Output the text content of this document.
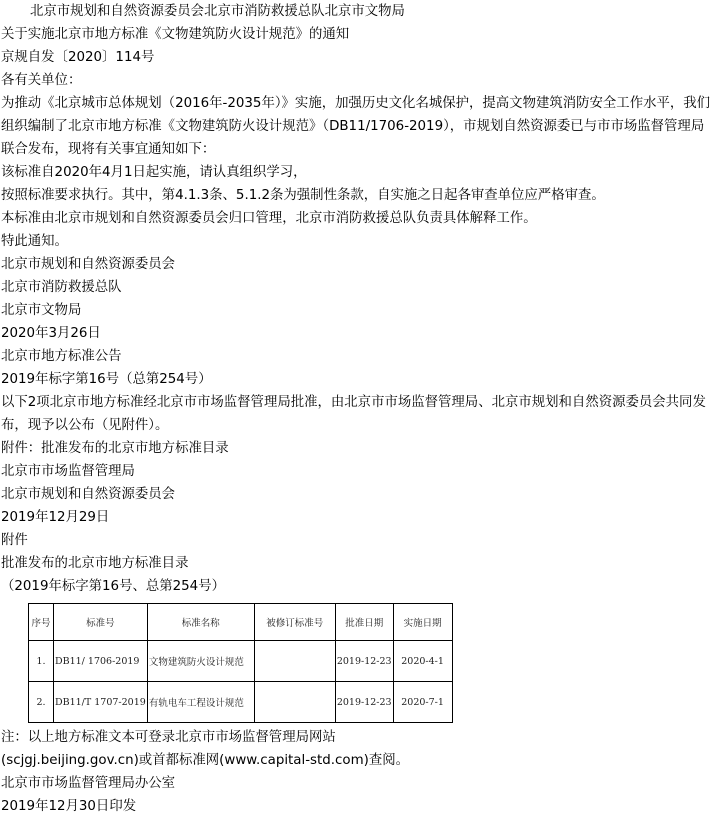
北京市规划和自然资源委员会北京市消防救援总队北京市文物局
关于实施北京市地方标准《文物建筑防火设计规范》的通知
京规自发〔2020〕114号
各有关单位：
为推动《北京城市总体规划（2016年-2035年）》实施，加强历史文化名城保护，提高文物建筑消防安全工作水平，我们组织编制了北京市地方标准《文物建筑防火设计规范》（DB11/1706-2019），市规划自然资源委已与市市场监督管理局联合发布，现将有关事宜通知如下：
该标准自2020年4月1日起实施，请认真组织学习，
按照标准要求执行。其中，第4.1.3条、5.1.2条为强制性条款，自实施之日起各审查单位应严格审查。
本标准由北京市规划和自然资源委员会归口管理，北京市消防救援总队负责具体解释工作。
特此通知。
北京市规划和自然资源委员会
北京市消防救援总队
北京市文物局
2020年3月26日
北京市地方标准公告
2019年标字第16号（总第254号）
以下2项北京市地方标准经北京市市场监督管理局批准，由北京市市场监督管理局、北京市规划和自然资源委员会共同发布，现予以公布（见附件）。
附件：批准发布的北京市地方标准目录
北京市市场监督管理局
北京市规划和自然资源委员会
2019年12月29日
附件
批准发布的北京市地方标准目录
（2019年标字第16号、总第254号）
序号	标准号	标准名称	被修订标准号	批准日期	实施日期
1.	DB11/ 1706-2019	文物建筑防火设计规范		2019-12-23	2020-4-1
2.	DB11/T 1707-2019	有轨电车工程设计规范		2019-12-23	2020-7-1
注：以上地方标准文本可登录北京市市场监督管理局网站
(scjgj.beijing.gov.cn)或首都标准网(www.capital-std.com)查阅。
北京市市场监督管理局办公室
2019年12月30日印发
